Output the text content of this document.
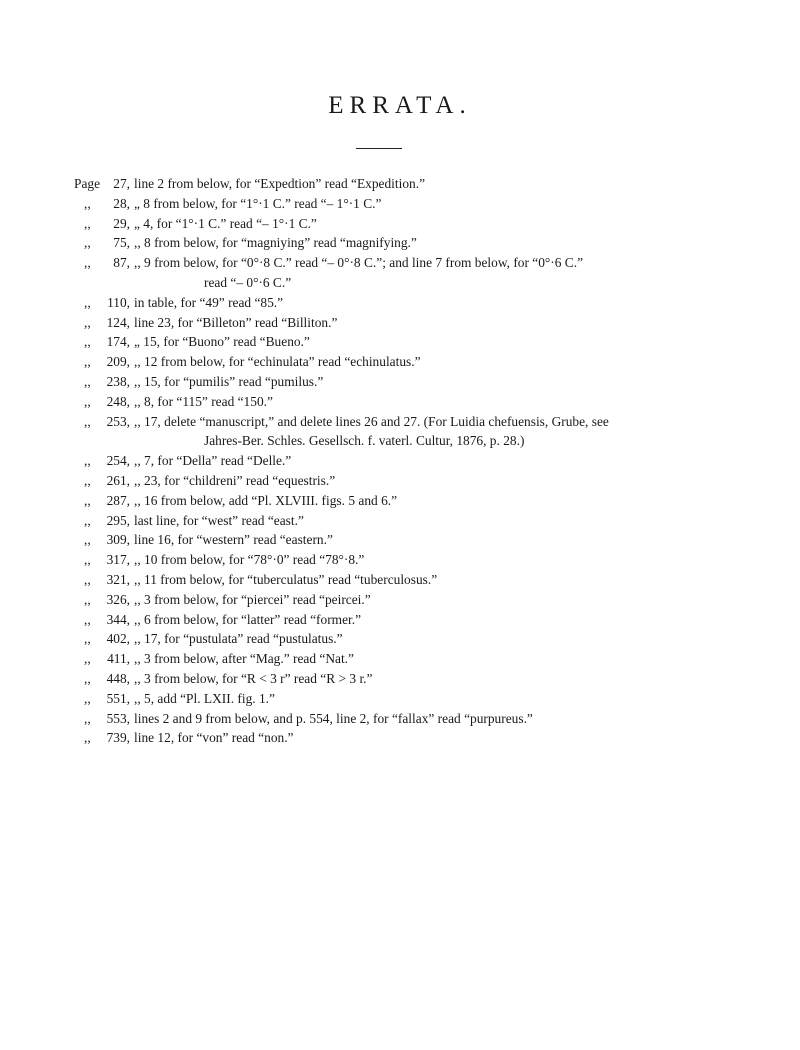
ERRATA.
Page 27, line 2 from below, for “Expedtion” read “Expedition.”
,,	28, „ 8 from below, for “1°·1 C.” read “– 1°·1 C.”
,,	29, „ 4, for “1°·1 C.” read “– 1°·1 C.”
,,	75, ,, 8 from below, for “magniying” read “magnifying.”
,,	87, ,, 9 from below, for “0°·8 C.” read “– 0°·8 C.”; and line 7 from below, for “0°·6 C.”
read “– 0°·6 C.”
,,	110, in table, for “49” read “85.”
,,	124, line 23, for “Billeton” read “Billiton.”
,,	174, „ 15, for “Buono” read “Bueno.”
,,	209, ,, 12 from below, for “echinulata” read “echinulatus.”
,,	238, ,, 15, for “pumilis” read “pumilus.”
,,	248, ,, 8, for “115” read “150.”
,,	253, ,, 17, delete “manuscript,” and delete lines 26 and 27. (For Luidia chefuensis, Grube, see
Jahres-Ber. Schles. Gesellsch. f. vaterl. Cultur, 1876, p. 28.)
,,	254, ,, 7, for “Della” read “Delle.”
,,	261, ,, 23, for “childreni” read “equestris.”
,,	287, ,, 16 from below, add “Pl. XLVIII. figs. 5 and 6.”
,,	295, last line, for “west” read “east.”
,,	309, line 16, for “western” read “eastern.”
,,	317, ,, 10 from below, for “78°·0” read “78°·8.”
,,	321, ,, 11 from below, for “tuberculatus” read “tuberculosus.”
,,	326, ,, 3 from below, for “piercei” read “peircei.”
,,	344, ,, 6 from below, for “latter” read “former.”
,,	402, ,, 17, for “pustulata” read “pustulatus.”
,,	411, ,, 3 from below, after “Mag.” read “Nat.”
,,	448, ,, 3 from below, for “R < 3 r” read “R > 3 r.”
,,	551, ,, 5, add “Pl. LXII. fig. 1.”
,,	553, lines 2 and 9 from below, and p. 554, line 2, for “fallax” read “purpureus.”
,,	739, line 12, for “von” read “non.”
